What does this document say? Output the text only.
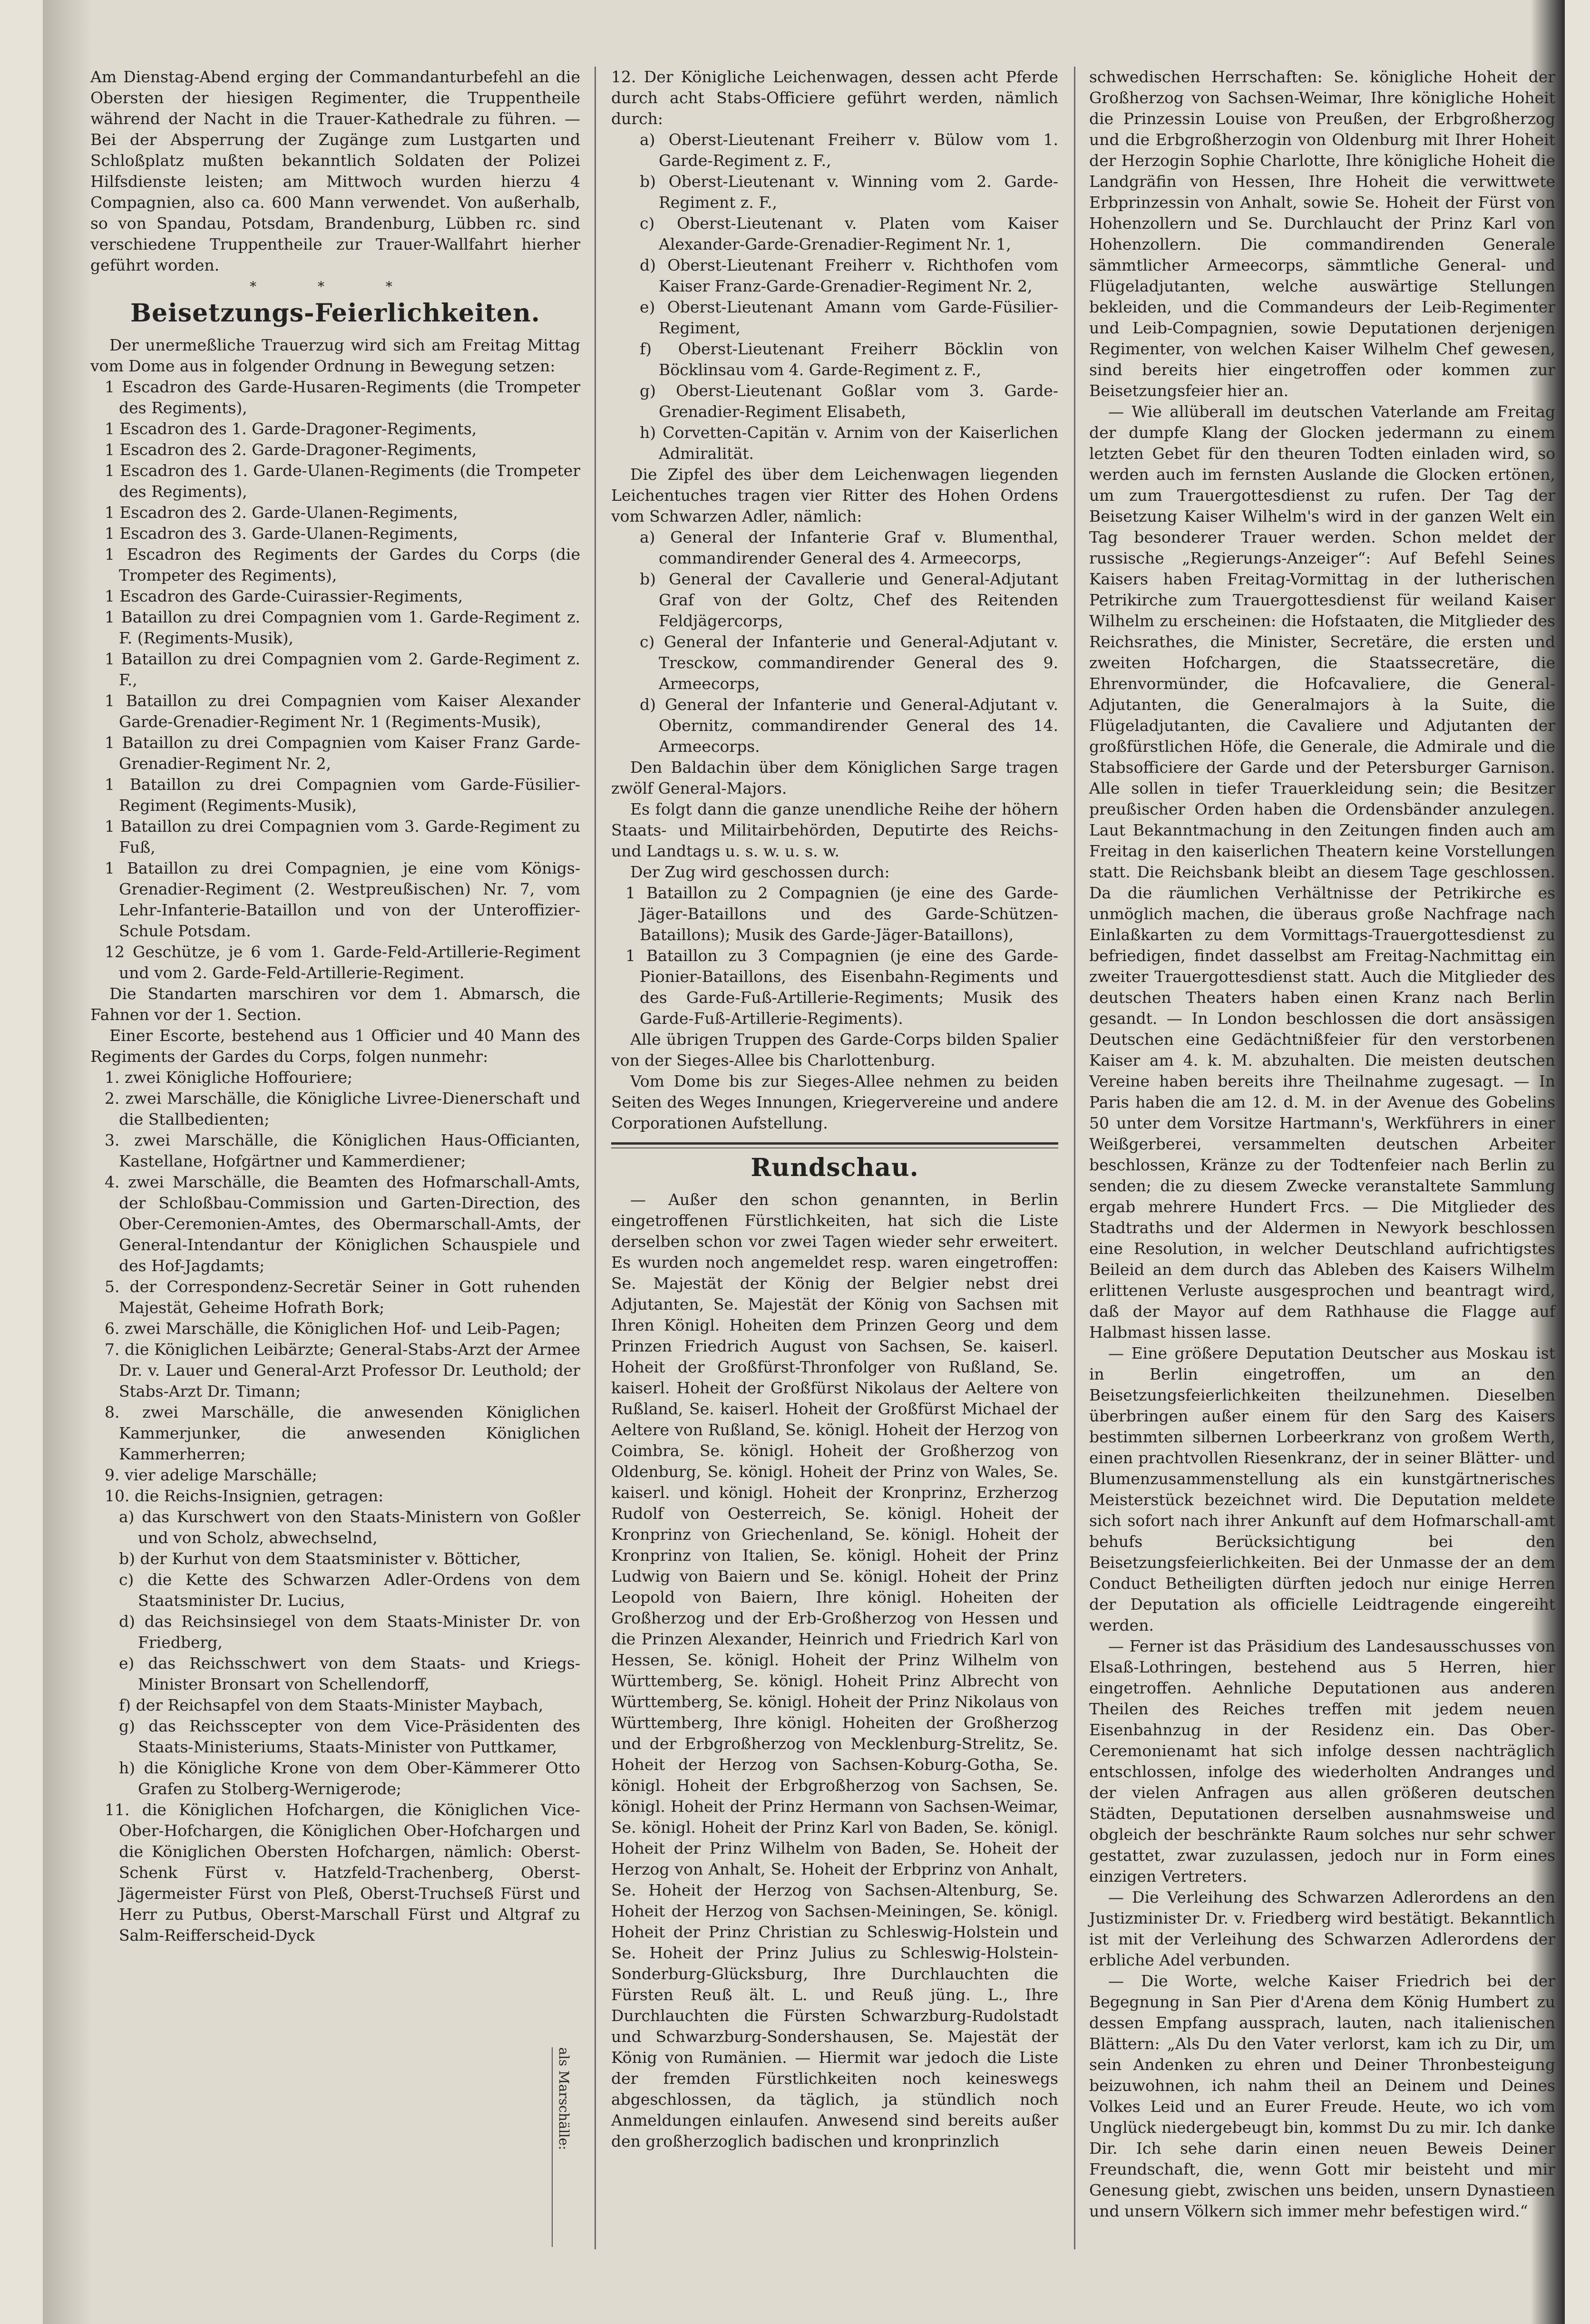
Am Dienstag-Abend erging der Commandanturbefehl an die Obersten der hiesigen Regimenter, die Truppentheile während der Nacht in die Trauer-Kathedrale zu führen. — Bei der Absperrung der Zugänge zum Lustgarten und Schloßplatz mußten bekanntlich Soldaten der Polizei Hilfsdienste leisten; am Mittwoch wurden hierzu 4 Compagnien, also ca. 600 Mann verwendet. Von außerhalb, so von Spandau, Potsdam, Brandenburg, Lübben rc. sind verschiedene Truppentheile zur Trauer-Wallfahrt hierher geführt worden.

* * *
Beisetzungs-Feierlichkeiten.

Der unermeßliche Trauerzug wird sich am Freitag Mittag vom Dome aus in folgender Ordnung in Bewegung setzen:

1 Escadron des Garde-Husaren-Regiments (die Trompeter des Regiments),
1 Escadron des 1. Garde-Dragoner-Regiments,
1 Escadron des 2. Garde-Dragoner-Regiments,
1 Escadron des 1. Garde-Ulanen-Regiments (die Trompeter des Regiments),
1 Escadron des 2. Garde-Ulanen-Regiments,
1 Escadron des 3. Garde-Ulanen-Regiments,
1 Escadron des Regiments der Gardes du Corps (die Trompeter des Regiments),
1 Escadron des Garde-Cuirassier-Regiments,
1 Bataillon zu drei Compagnien vom 1. Garde-Regiment z. F. (Regiments-Musik),
1 Bataillon zu drei Compagnien vom 2. Garde-Regiment z. F.,
1 Bataillon zu drei Compagnien vom Kaiser Alexander Garde-Grenadier-Regiment Nr. 1 (Regiments-Musik),
1 Bataillon zu drei Compagnien vom Kaiser Franz Garde-Grenadier-Regiment Nr. 2,
1 Bataillon zu drei Compagnien vom Garde-Füsilier-Regiment (Regiments-Musik),
1 Bataillon zu drei Compagnien vom 3. Garde-Regiment zu Fuß,
1 Bataillon zu drei Compagnien, je eine vom Königs-Grenadier-Regiment (2. Westpreußischen) Nr. 7, vom Lehr-Infanterie-Bataillon und von der Unteroffizier-Schule Potsdam.
12 Geschütze, je 6 vom 1. Garde-Feld-Artillerie-Regiment und vom 2. Garde-Feld-Artillerie-Regiment.

Die Standarten marschiren vor dem 1. Abmarsch, die Fahnen vor der 1. Section.

Einer Escorte, bestehend aus 1 Officier und 40 Mann des Regiments der Gardes du Corps, folgen nunmehr:

1. zwei Königliche Hoffouriere;
2. zwei Marschälle, die Königliche Livree-Dienerschaft und die Stallbedienten;
3. zwei Marschälle, die Königlichen Haus-Officianten, Kastellane, Hofgärtner und Kammerdiener;
4. zwei Marschälle, die Beamten des Hofmarschall-Amts, der Schloßbau-Commission und Garten-Direction, des Ober-Ceremonien-Amtes, des Obermarschall-Amts, der General-Intendantur der Königlichen Schauspiele und des Hof-Jagdamts;
5. der Correspondenz-Secretär Seiner in Gott ruhenden Majestät, Geheime Hofrath Bork;
6. zwei Marschälle, die Königlichen Hof- und Leib-Pagen;
7. die Königlichen Leibärzte; General-Stabs-Arzt der Armee Dr. v. Lauer und General-Arzt Professor Dr. Leuthold; der Stabs-Arzt Dr. Timann;
8. zwei Marschälle, die anwesenden Königlichen Kammerjunker, die anwesenden Königlichen Kammerherren;
9. vier adelige Marschälle;
10. die Reichs-Insignien, getragen:
a) das Kurschwert von den Staats-Ministern von Goßler und von Scholz, abwechselnd,
b) der Kurhut von dem Staatsminister v. Bötticher,
c) die Kette des Schwarzen Adler-Ordens von dem Staatsminister Dr. Lucius,
d) das Reichsinsiegel von dem Staats-Minister Dr. von Friedberg,
e) das Reichsschwert von dem Staats- und Kriegs-Minister Bronsart von Schellendorff,
f) der Reichsapfel von dem Staats-Minister Maybach,
g) das Reichsscepter von dem Vice-Präsidenten des Staats-Ministeriums, Staats-Minister von Puttkamer,
h) die Königliche Krone von dem Ober-Kämmerer Otto Grafen zu Stolberg-Wernigerode;
11. die Königlichen Hofchargen, die Königlichen Vice-Ober-Hofchargen, die Königlichen Ober-Hofchargen und die Königlichen Obersten Hofchargen, nämlich: Oberst-Schenk Fürst v. Hatzfeld-Trachenberg, Oberst-Jägermeister Fürst von Pleß, Oberst-Truchseß Fürst und Herr zu Putbus, Oberst-Marschall Fürst und Altgraf zu Salm-Reifferscheid-Dyck
als Marschälle:

12. Der Königliche Leichenwagen, dessen acht Pferde durch acht Stabs-Officiere geführt werden, nämlich durch:

a) Oberst-Lieutenant Freiherr v. Bülow vom 1. Garde-Regiment z. F.,
b) Oberst-Lieutenant v. Winning vom 2. Garde-Regiment z. F.,
c) Oberst-Lieutenant v. Platen vom Kaiser Alexander-Garde-Grenadier-Regiment Nr. 1,
d) Oberst-Lieutenant Freiherr v. Richthofen vom Kaiser Franz-Garde-Grenadier-Regiment Nr. 2,
e) Oberst-Lieutenant Amann vom Garde-Füsilier-Regiment,
f) Oberst-Lieutenant Freiherr Böcklin von Böcklinsau vom 4. Garde-Regiment z. F.,
g) Oberst-Lieutenant Goßlar vom 3. Garde-Grenadier-Regiment Elisabeth,
h) Corvetten-Capitän v. Arnim von der Kaiserlichen Admiralität.

Die Zipfel des über dem Leichenwagen liegenden Leichentuches tragen vier Ritter des Hohen Ordens vom Schwarzen Adler, nämlich:

a) General der Infanterie Graf v. Blumenthal, commandirender General des 4. Armeecorps,
b) General der Cavallerie und General-Adjutant Graf von der Goltz, Chef des Reitenden Feldjägercorps,
c) General der Infanterie und General-Adjutant v. Tresckow, commandirender General des 9. Armeecorps,
d) General der Infanterie und General-Adjutant v. Obernitz, commandirender General des 14. Armeecorps.

Den Baldachin über dem Königlichen Sarge tragen zwölf General-Majors.

Es folgt dann die ganze unendliche Reihe der höhern Staats- und Militairbehörden, Deputirte des Reichs- und Landtags u. s. w. u. s. w.

Der Zug wird geschossen durch:

1 Bataillon zu 2 Compagnien (je eine des Garde-Jäger-Bataillons und des Garde-Schützen-Bataillons); Musik des Garde-Jäger-Bataillons),
1 Bataillon zu 3 Compagnien (je eine des Garde-Pionier-Bataillons, des Eisenbahn-Regiments und des Garde-Fuß-Artillerie-Regiments; Musik des Garde-Fuß-Artillerie-Regiments).

Alle übrigen Truppen des Garde-Corps bilden Spalier von der Sieges-Allee bis Charlottenburg.

Vom Dome bis zur Sieges-Allee nehmen zu beiden Seiten des Weges Innungen, Kriegervereine und andere Corporationen Aufstellung.

Rundschau.

— Außer den schon genannten, in Berlin eingetroffenen Fürstlichkeiten, hat sich die Liste derselben schon vor zwei Tagen wieder sehr erweitert. Es wurden noch angemeldet resp. waren eingetroffen: Se. Majestät der König der Belgier nebst drei Adjutanten, Se. Majestät der König von Sachsen mit Ihren Königl. Hoheiten dem Prinzen Georg und dem Prinzen Friedrich August von Sachsen, Se. kaiserl. Hoheit der Großfürst-Thronfolger von Rußland, Se. kaiserl. Hoheit der Großfürst Nikolaus der Aeltere von Rußland, Se. kaiserl. Hoheit der Großfürst Michael der Aeltere von Rußland, Se. königl. Hoheit der Herzog von Coimbra, Se. königl. Hoheit der Großherzog von Oldenburg, Se. königl. Hoheit der Prinz von Wales, Se. kaiserl. und königl. Hoheit der Kronprinz, Erzherzog Rudolf von Oesterreich, Se. königl. Hoheit der Kronprinz von Griechenland, Se. königl. Hoheit der Kronprinz von Italien, Se. königl. Hoheit der Prinz Ludwig von Baiern und Se. königl. Hoheit der Prinz Leopold von Baiern, Ihre königl. Hoheiten der Großherzog und der Erb-Großherzog von Hessen und die Prinzen Alexander, Heinrich und Friedrich Karl von Hessen, Se. königl. Hoheit der Prinz Wilhelm von Württemberg, Se. königl. Hoheit Prinz Albrecht von Württemberg, Se. königl. Hoheit der Prinz Nikolaus von Württemberg, Ihre königl. Hoheiten der Großherzog und der Erbgroßherzog von Mecklenburg-Strelitz, Se. Hoheit der Herzog von Sachsen-Koburg-Gotha, Se. königl. Hoheit der Erbgroßherzog von Sachsen, Se. königl. Hoheit der Prinz Hermann von Sachsen-Weimar, Se. königl. Hoheit der Prinz Karl von Baden, Se. königl. Hoheit der Prinz Wilhelm von Baden, Se. Hoheit der Herzog von Anhalt, Se. Hoheit der Erbprinz von Anhalt, Se. Hoheit der Herzog von Sachsen-Altenburg, Se. Hoheit der Herzog von Sachsen-Meiningen, Se. königl. Hoheit der Prinz Christian zu Schleswig-Holstein und Se. Hoheit der Prinz Julius zu Schleswig-Holstein-Sonderburg-Glücksburg, Ihre Durchlauchten die Fürsten Reuß ält. L. und Reuß jüng. L., Ihre Durchlauchten die Fürsten Schwarzburg-Rudolstadt und Schwarzburg-Sondershausen, Se. Majestät der König von Rumänien. — Hiermit war jedoch die Liste der fremden Fürstlichkeiten noch keineswegs abgeschlossen, da täglich, ja stündlich noch Anmeldungen einlaufen. Anwesend sind bereits außer den großherzoglich badischen und kronprinzlich

schwedischen Herrschaften: Se. königliche Hoheit der Großherzog von Sachsen-Weimar, Ihre königliche Hoheit die Prinzessin Louise von Preußen, der Erbgroßherzog und die Erbgroßherzogin von Oldenburg mit Ihrer Hoheit der Herzogin Sophie Charlotte, Ihre königliche Hoheit die Landgräfin von Hessen, Ihre Hoheit die verwittwete Erbprinzessin von Anhalt, sowie Se. Hoheit der Fürst von Hohenzollern und Se. Durchlaucht der Prinz Karl von Hohenzollern. Die commandirenden Generale sämmtlicher Armeecorps, sämmtliche General- und Flügeladjutanten, welche auswärtige Stellungen bekleiden, und die Commandeurs der Leib-Regimenter und Leib-Compagnien, sowie Deputationen derjenigen Regimenter, von welchen Kaiser Wilhelm Chef gewesen, sind bereits hier eingetroffen oder kommen zur Beisetzungsfeier hier an.

— Wie allüberall im deutschen Vaterlande am Freitag der dumpfe Klang der Glocken jedermann zu einem letzten Gebet für den theuren Todten einladen wird, so werden auch im fernsten Auslande die Glocken ertönen, um zum Trauergottesdienst zu rufen. Der Tag der Beisetzung Kaiser Wilhelm's wird in der ganzen Welt ein Tag besonderer Trauer werden. Schon meldet der russische „Regierungs-Anzeiger“: Auf Befehl Seines Kaisers haben Freitag-Vormittag in der lutherischen Petrikirche zum Trauergottesdienst für weiland Kaiser Wilhelm zu erscheinen: die Hofstaaten, die Mitglieder des Reichsrathes, die Minister, Secretäre, die ersten und zweiten Hofchargen, die Staatssecretäre, die Ehrenvormünder, die Hofcavaliere, die General-Adjutanten, die Generalmajors à la Suite, die Flügeladjutanten, die Cavaliere und Adjutanten der großfürstlichen Höfe, die Generale, die Admirale und die Stabsofficiere der Garde und der Petersburger Garnison. Alle sollen in tiefer Trauerkleidung sein; die Besitzer preußischer Orden haben die Ordensbänder anzulegen. Laut Bekanntmachung in den Zeitungen finden auch am Freitag in den kaiserlichen Theatern keine Vorstellungen statt. Die Reichsbank bleibt an diesem Tage geschlossen. Da die räumlichen Verhältnisse der Petrikirche es unmöglich machen, die überaus große Nachfrage nach Einlaßkarten zu dem Vormittags-Trauergottesdienst zu befriedigen, findet dasselbst am Freitag-Nachmittag ein zweiter Trauergottesdienst statt. Auch die Mitglieder des deutschen Theaters haben einen Kranz nach Berlin gesandt. — In London beschlossen die dort ansässigen Deutschen eine Gedächtnißfeier für den verstorbenen Kaiser am 4. k. M. abzuhalten. Die meisten deutschen Vereine haben bereits ihre Theilnahme zugesagt. — In Paris haben die am 12. d. M. in der Avenue des Gobelins 50 unter dem Vorsitze Hartmann's, Werkführers in einer Weißgerberei, versammelten deutschen Arbeiter beschlossen, Kränze zu der Todtenfeier nach Berlin zu senden; die zu diesem Zwecke veranstaltete Sammlung ergab mehrere Hundert Frcs. — Die Mitglieder des Stadtraths und der Aldermen in Newyork beschlossen eine Resolution, in welcher Deutschland aufrichtigstes Beileid an dem durch das Ableben des Kaisers Wilhelm erlittenen Verluste ausgesprochen und beantragt wird, daß der Mayor auf dem Rathhause die Flagge auf Halbmast hissen lasse.

— Eine größere Deputation Deutscher aus Moskau ist in Berlin eingetroffen, um an den Beisetzungsfeierlichkeiten theilzunehmen. Dieselben überbringen außer einem für den Sarg des Kaisers bestimmten silbernen Lorbeerkranz von großem Werth, einen prachtvollen Riesenkranz, der in seiner Blätter- und Blumenzusammenstellung als ein kunstgärtnerisches Meisterstück bezeichnet wird. Die Deputation meldete sich sofort nach ihrer Ankunft auf dem Hofmarschall-amt behufs Berücksichtigung bei den Beisetzungsfeierlichkeiten. Bei der Unmasse der an dem Conduct Betheiligten dürften jedoch nur einige Herren der Deputation als officielle Leidtragende eingereiht werden.

— Ferner ist das Präsidium des Landesausschusses von Elsaß-Lothringen, bestehend aus 5 Herren, hier eingetroffen. Aehnliche Deputationen aus anderen Theilen des Reiches treffen mit jedem neuen Eisenbahnzug in der Residenz ein. Das Ober-Ceremonienamt hat sich infolge dessen nachträglich entschlossen, infolge des wiederholten Andranges und der vielen Anfragen aus allen größeren deutschen Städten, Deputationen derselben ausnahmsweise und obgleich der beschränkte Raum solches nur sehr schwer gestattet, zwar zuzulassen, jedoch nur in Form eines einzigen Vertreters.

— Die Verleihung des Schwarzen Adlerordens an den Justizminister Dr. v. Friedberg wird bestätigt. Bekanntlich ist mit der Verleihung des Schwarzen Adlerordens der erbliche Adel verbunden.

— Die Worte, welche Kaiser Friedrich bei der Begegnung in San Pier d'Arena dem König Humbert zu dessen Empfang aussprach, lauten, nach italienischen Blättern: „Als Du den Vater verlorst, kam ich zu Dir, um sein Andenken zu ehren und Deiner Thronbesteigung beizuwohnen, ich nahm theil an Deinem und Deines Volkes Leid und an Eurer Freude. Heute, wo ich vom Unglück niedergebeugt bin, kommst Du zu mir. Ich danke Dir. Ich sehe darin einen neuen Beweis Deiner Freundschaft, die, wenn Gott mir beisteht und mir Genesung giebt, zwischen uns beiden, unsern Dynastieen und unsern Völkern sich immer mehr befestigen wird.“
